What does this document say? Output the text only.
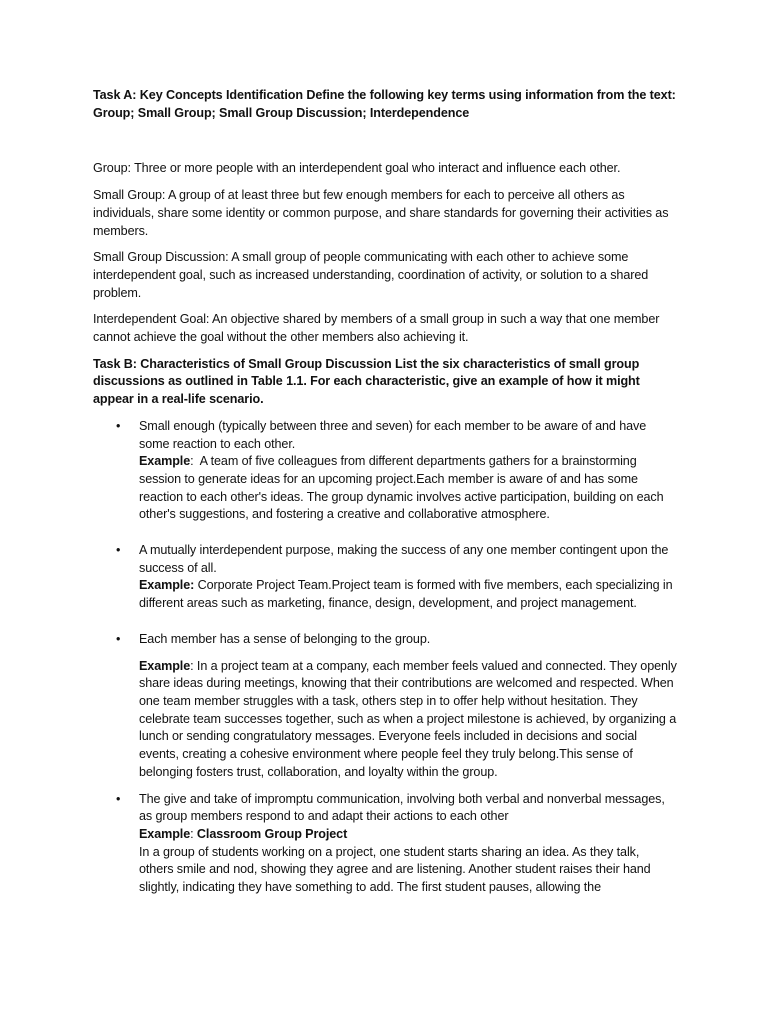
Task A: Key Concepts Identification Define the following key terms using information from the text: Group; Small Group; Small Group Discussion; Interdependence

Group: Three or more people with an interdependent goal who interact and influence each other.

Small Group: A group of at least three but few enough members for each to perceive all others as individuals, share some identity or common purpose, and share standards for governing their activities as members.

Small Group Discussion: A small group of people communicating with each other to achieve some interdependent goal, such as increased understanding, coordination of activity, or solution to a shared problem.

Interdependent Goal: An objective shared by members of a small group in such a way that one member cannot achieve the goal without the other members also achieving it.

Task B: Characteristics of Small Group Discussion List the six characteristics of small group discussions as outlined in Table 1.1. For each characteristic, give an example of how it might appear in a real-life scenario.

• Small enough (typically between three and seven) for each member to be aware of and have some reaction to each other.
Example:  A team of five colleagues from different departments gathers for a brainstorming session to generate ideas for an upcoming project.Each member is aware of and has some reaction to each other's ideas. The group dynamic involves active participation, building on each other's suggestions, and fostering a creative and collaborative atmosphere.
• A mutually interdependent purpose, making the success of any one member contingent upon the success of all.
Example: Corporate Project Team.Project team is formed with five members, each specializing in different areas such as marketing, finance, design, development, and project management.
• Each member has a sense of belonging to the group.
Example: In a project team at a company, each member feels valued and connected. They openly share ideas during meetings, knowing that their contributions are welcomed and respected. When one team member struggles with a task, others step in to offer help without hesitation. They celebrate team successes together, such as when a project milestone is achieved, by organizing a lunch or sending congratulatory messages. Everyone feels included in decisions and social events, creating a cohesive environment where people feel they truly belong.This sense of belonging fosters trust, collaboration, and loyalty within the group.
• The give and take of impromptu communication, involving both verbal and nonverbal messages, as group members respond to and adapt their actions to each other
Example: Classroom Group Project
In a group of students working on a project, one student starts sharing an idea. As they talk, others smile and nod, showing they agree and are listening. Another student raises their hand slightly, indicating they have something to add. The first student pauses, allowing the
